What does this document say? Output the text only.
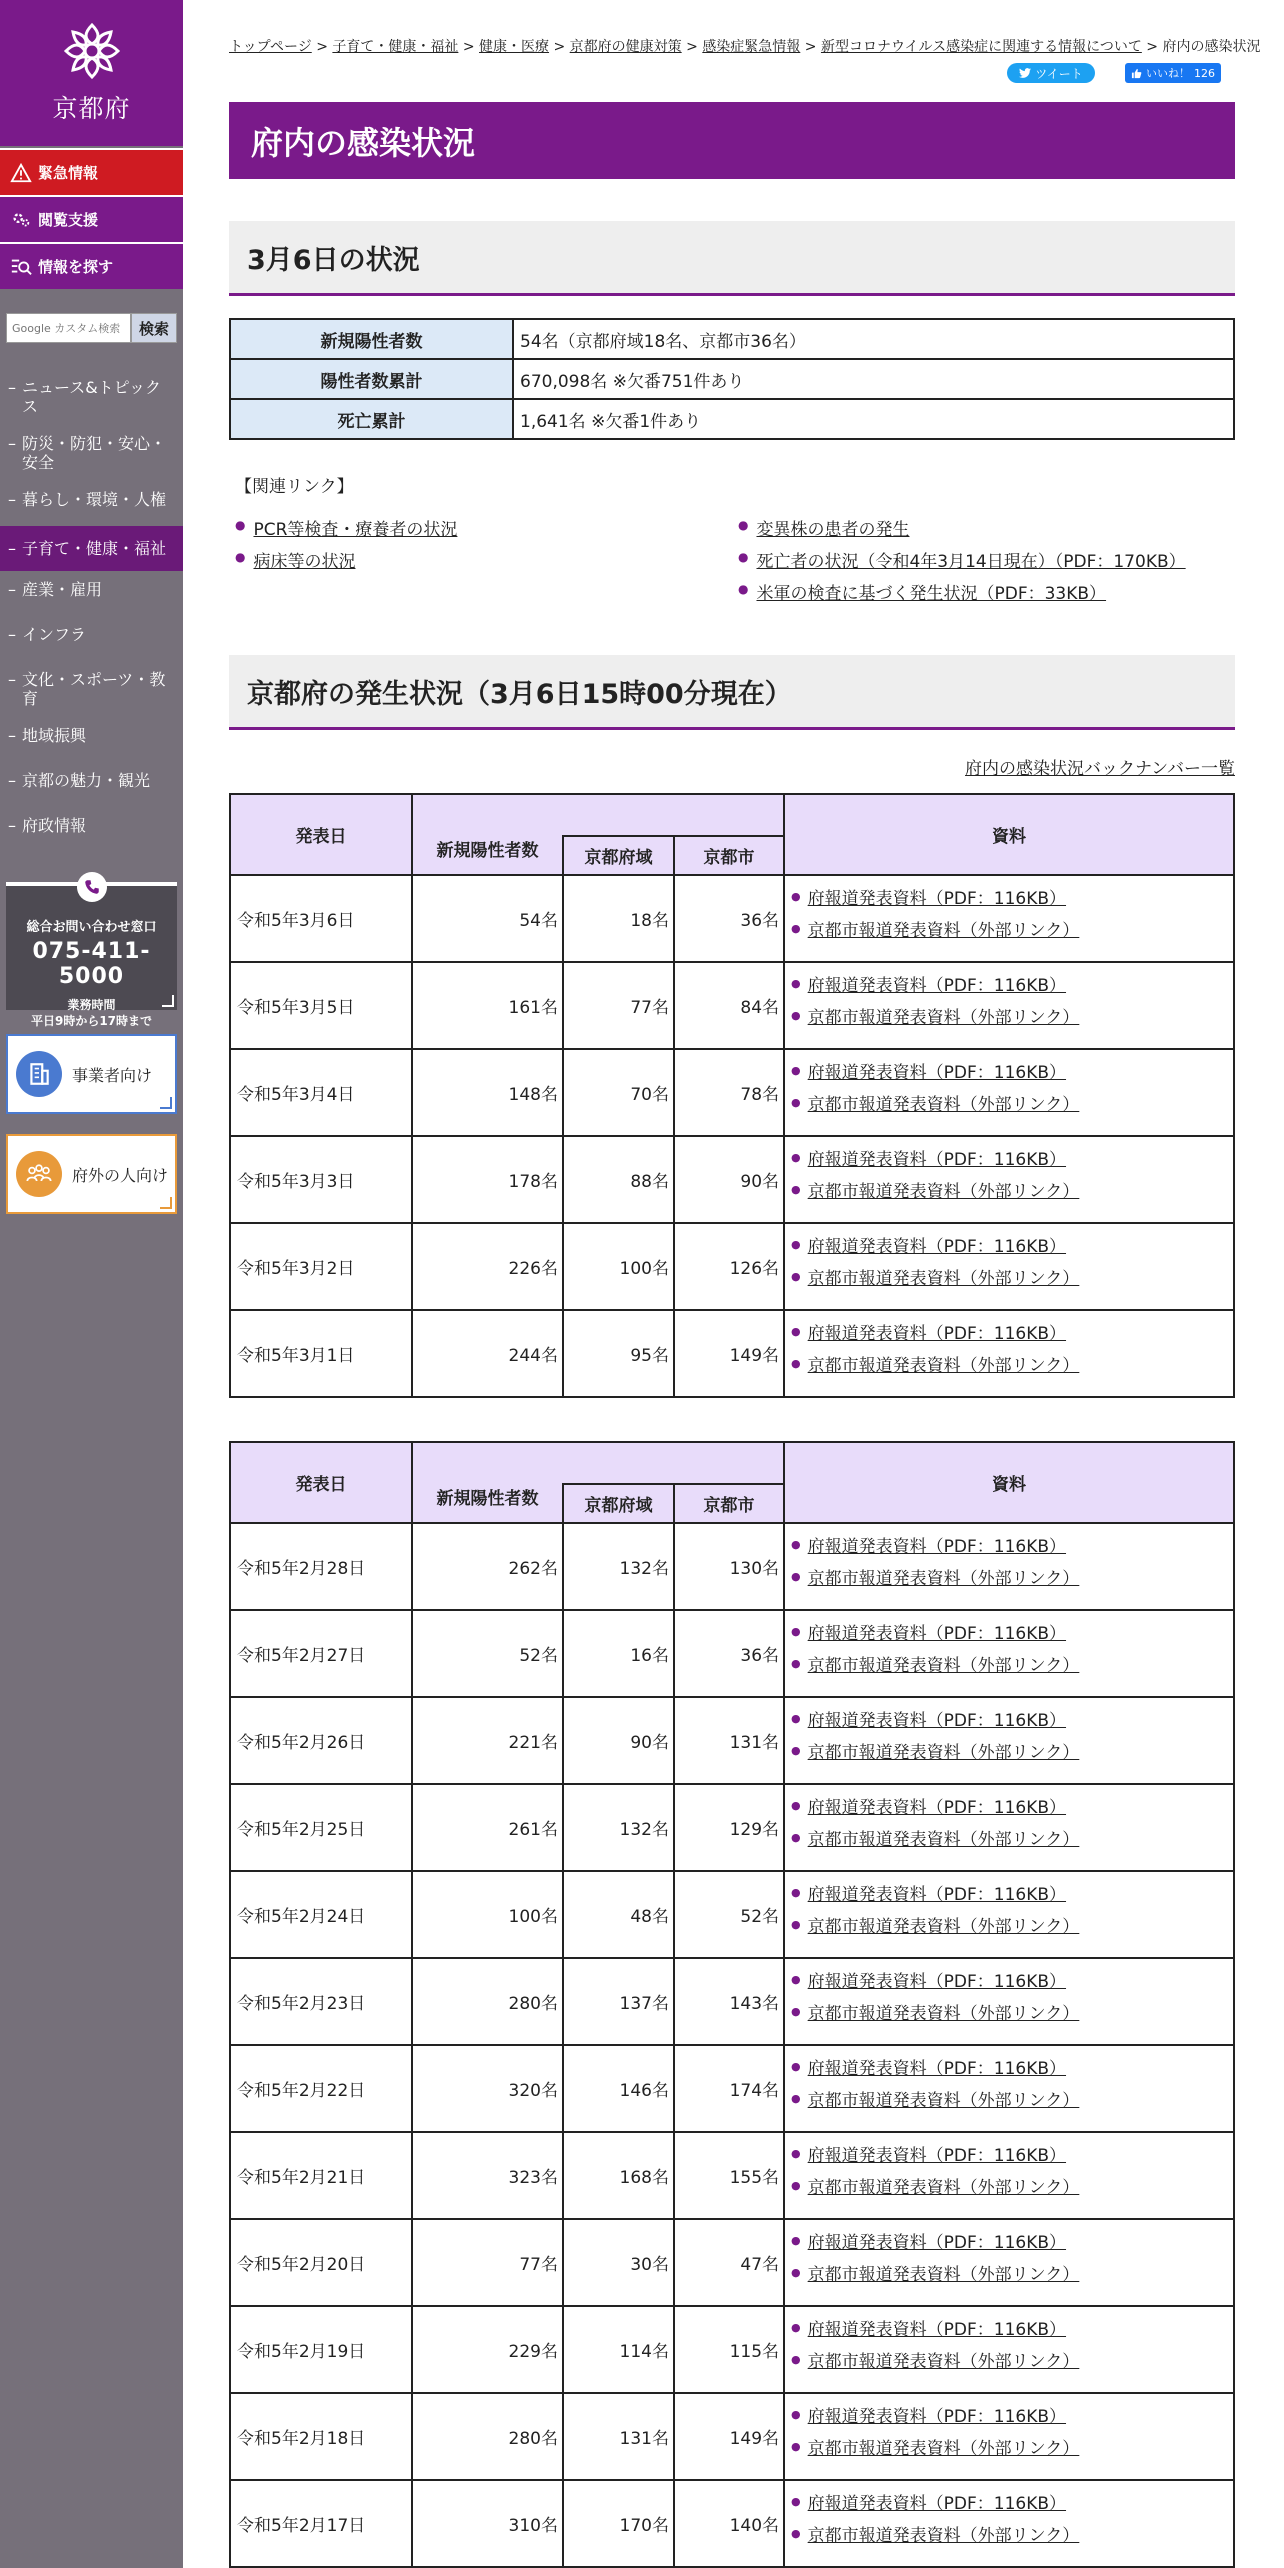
京都府
緊急情報
閲覧支援
情報を探す
Google カスタム検索
検索
– ニュース&トピックス
– 防災・防犯・安心・安全
– 暮らし・環境・人権
– 子育て・健康・福祉
– 産業・雇用
– インフラ
– 文化・スポーツ・教育
– 地域振興
– 京都の魅力・観光
– 府政情報
総合お問い合わせ窓口
075-411-5000
業務時間
平日9時から17時まで
事業者向け
府外の人向け
トップページ > 子育て・健康・福祉 > 健康・医療 > 京都府の健康対策 > 感染症緊急情報 > 新型コロナウイルス感染症に関連する情報について > 府内の感染状況
ツイート	いいね！ 126
府内の感染状況
3月6日の状況
新規陽性者数	54名（京都府域18名、京都市36名）
陽性者数累計	670,098名 ※欠番751件あり
死亡累計	1,641名 ※欠番1件あり
【関連リンク】
● PCR等検査・療養者の状況
● 病床等の状況
● 変異株の患者の発生
● 死亡者の状況（令和4年3月14日現在）（PDF：170KB）
● 米軍の検査に基づく発生状況（PDF：33KB）
京都府の発生状況（3月6日15時00分現在）
府内の感染状況バックナンバー一覧
発表日				資料
	新規陽性者数	京都府域	京都市	
令和5年3月6日	54名	18名	36名	● 府報道発表資料（PDF：116KB）
● 京都市報道発表資料（外部リンク）

令和5年3月5日	161名	77名	84名	● 府報道発表資料（PDF：116KB）
● 京都市報道発表資料（外部リンク）

令和5年3月4日	148名	70名	78名	● 府報道発表資料（PDF：116KB）
● 京都市報道発表資料（外部リンク）

令和5年3月3日	178名	88名	90名	● 府報道発表資料（PDF：116KB）
● 京都市報道発表資料（外部リンク）

令和5年3月2日	226名	100名	126名	● 府報道発表資料（PDF：116KB）
● 京都市報道発表資料（外部リンク）

令和5年3月1日	244名	95名	149名	● 府報道発表資料（PDF：116KB）
● 京都市報道発表資料（外部リンク）
発表日				資料
	新規陽性者数	京都府域	京都市	
令和5年2月28日	262名	132名	130名	● 府報道発表資料（PDF：116KB）
● 京都市報道発表資料（外部リンク）

令和5年2月27日	52名	16名	36名	● 府報道発表資料（PDF：116KB）
● 京都市報道発表資料（外部リンク）

令和5年2月26日	221名	90名	131名	● 府報道発表資料（PDF：116KB）
● 京都市報道発表資料（外部リンク）

令和5年2月25日	261名	132名	129名	● 府報道発表資料（PDF：116KB）
● 京都市報道発表資料（外部リンク）

令和5年2月24日	100名	48名	52名	● 府報道発表資料（PDF：116KB）
● 京都市報道発表資料（外部リンク）

令和5年2月23日	280名	137名	143名	● 府報道発表資料（PDF：116KB）
● 京都市報道発表資料（外部リンク）

令和5年2月22日	320名	146名	174名	● 府報道発表資料（PDF：116KB）
● 京都市報道発表資料（外部リンク）

令和5年2月21日	323名	168名	155名	● 府報道発表資料（PDF：116KB）
● 京都市報道発表資料（外部リンク）

令和5年2月20日	77名	30名	47名	● 府報道発表資料（PDF：116KB）
● 京都市報道発表資料（外部リンク）

令和5年2月19日	229名	114名	115名	● 府報道発表資料（PDF：116KB）
● 京都市報道発表資料（外部リンク）

令和5年2月18日	280名	131名	149名	● 府報道発表資料（PDF：116KB）
● 京都市報道発表資料（外部リンク）

令和5年2月17日	310名	170名	140名	● 府報道発表資料（PDF：116KB）
● 京都市報道発表資料（外部リンク）
